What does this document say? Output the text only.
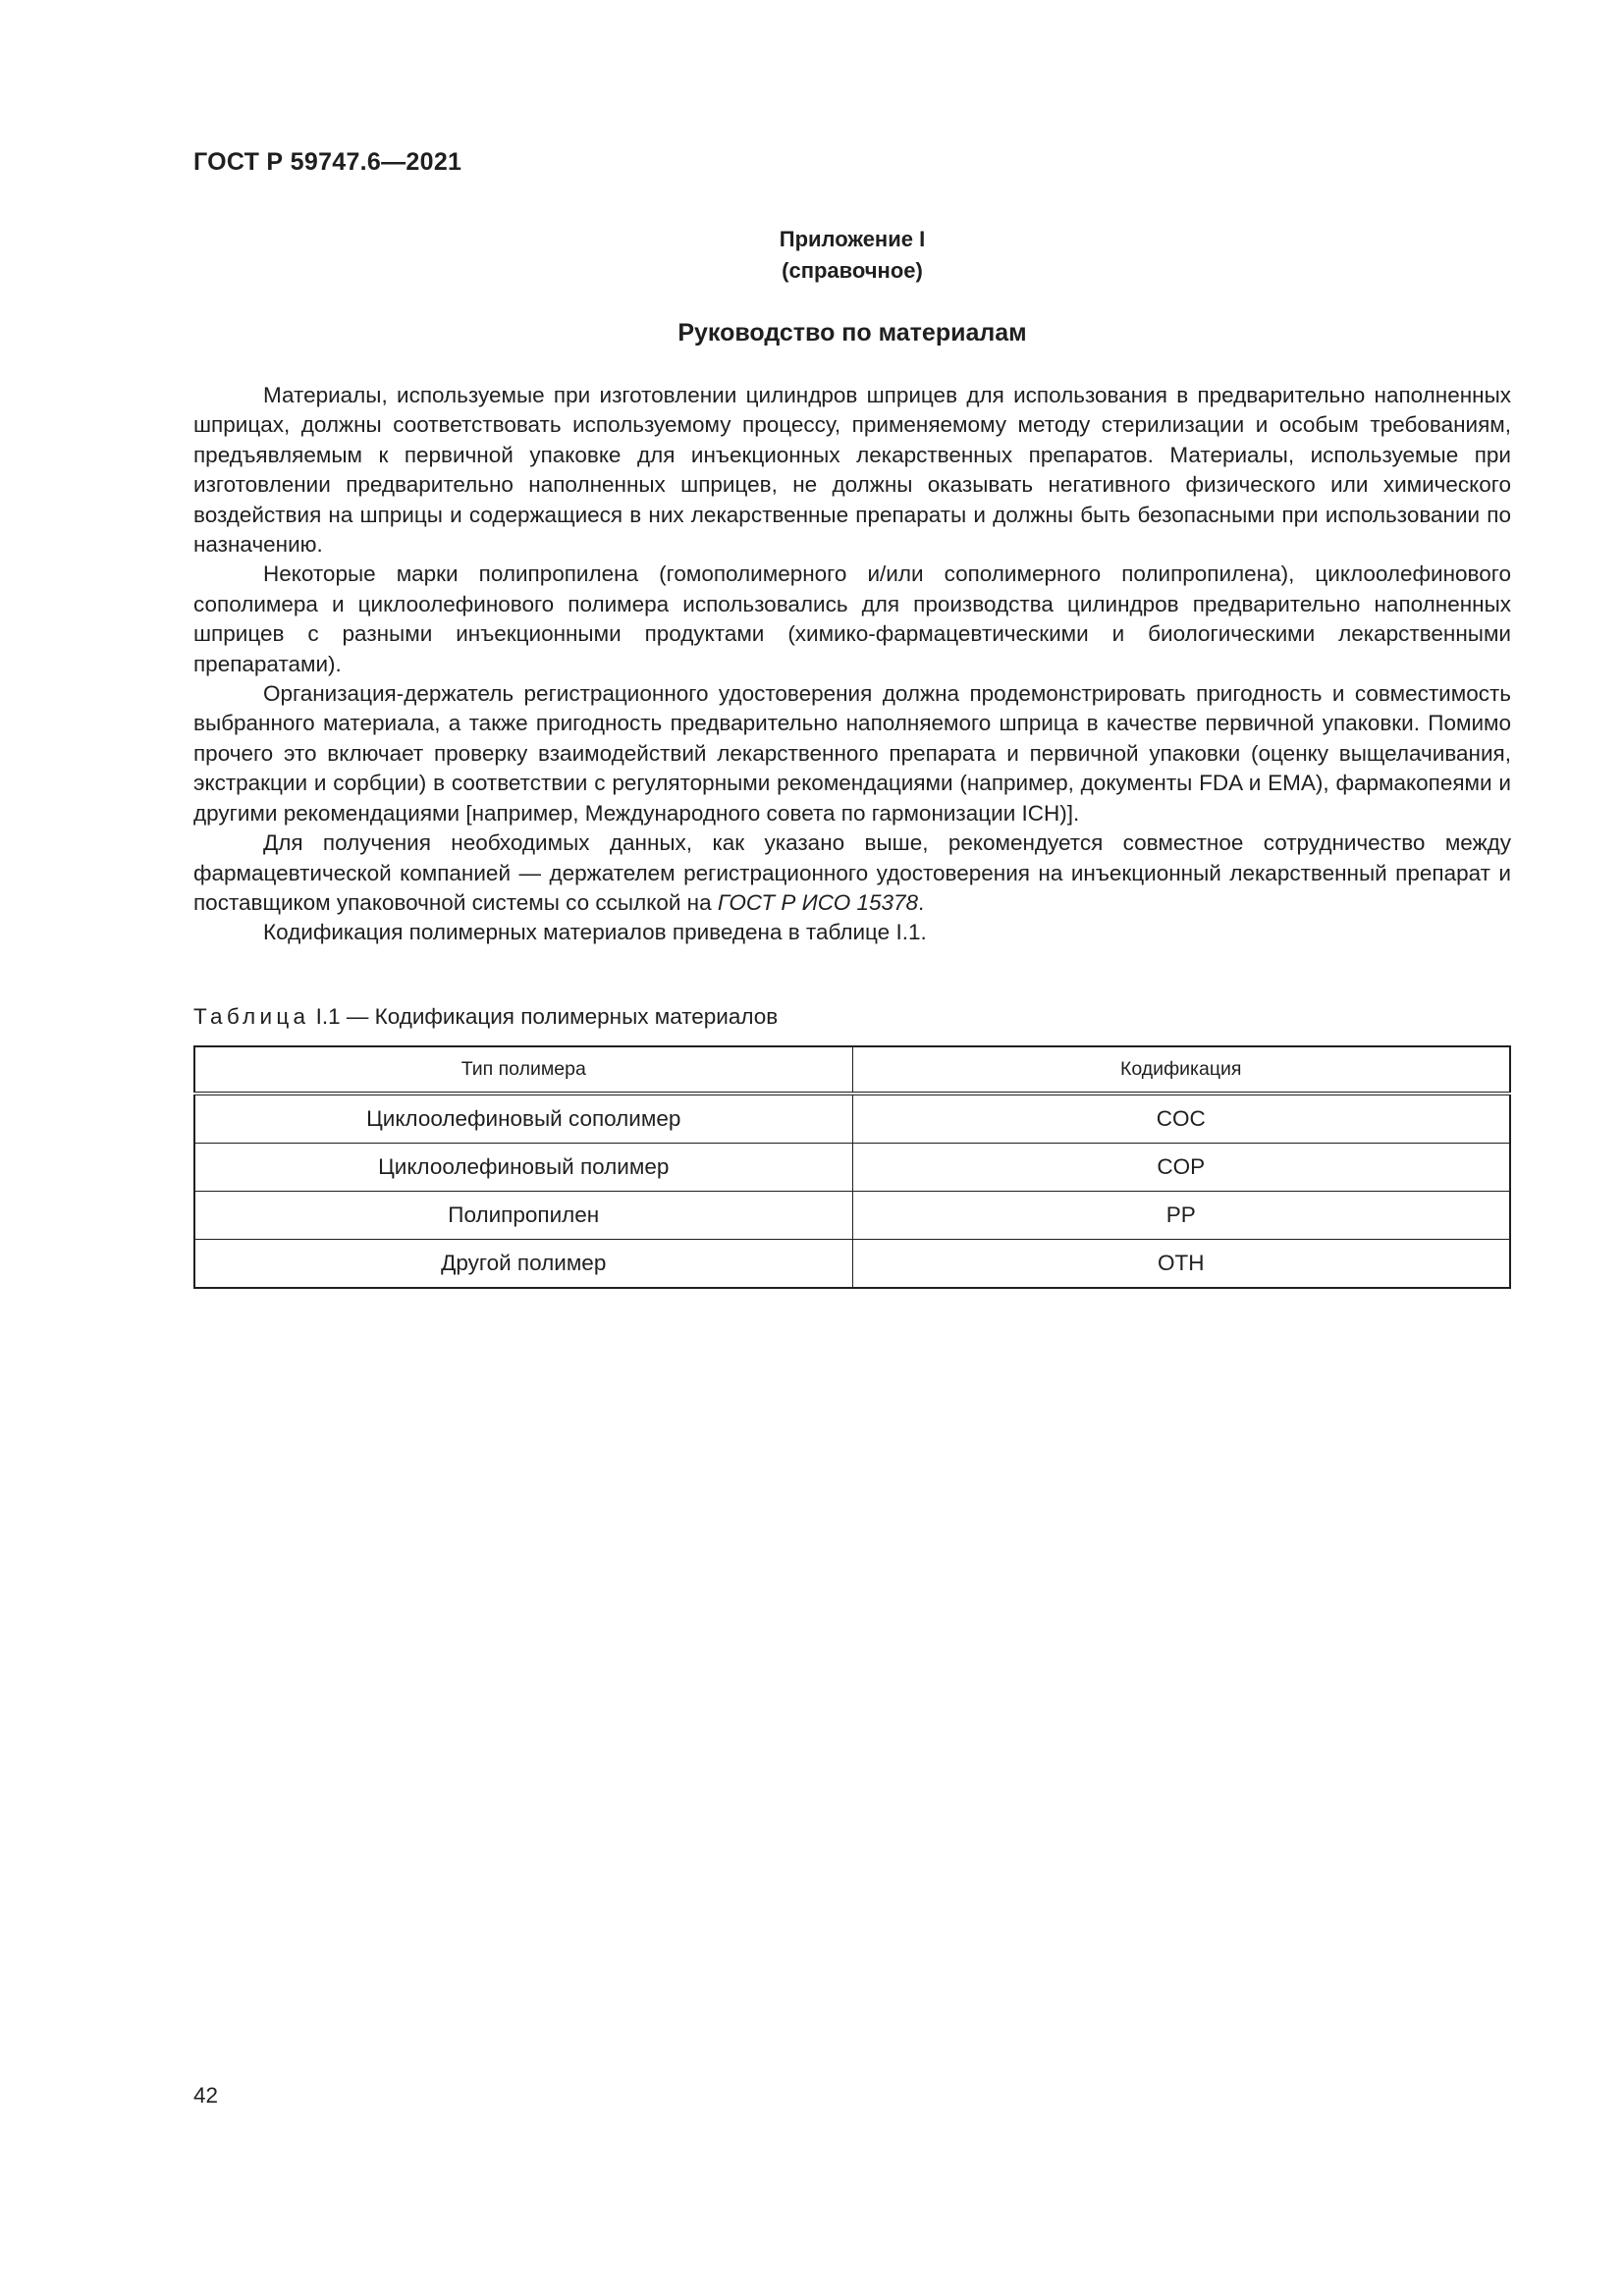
ГОСТ Р 59747.6—2021
Приложение I
(справочное)
Руководство по материалам

Материалы, используемые при изготовлении цилиндров шприцев для использования в предварительно наполненных шприцах, должны соответствовать используемому процессу, применяемому методу стерилизации и особым требованиям, предъявляемым к первичной упаковке для инъекционных лекарственных препаратов. Материалы, используемые при изготовлении предварительно наполненных шприцев, не должны оказывать негативного физического или химического воздействия на шприцы и содержащиеся в них лекарственные препараты и должны быть безопасными при использовании по назначению.

Некоторые марки полипропилена (гомополимерного и/или сополимерного полипропилена), циклоолефинового сополимера и циклоолефинового полимера использовались для производства цилиндров предварительно наполненных шприцев с разными инъекционными продуктами (химико-фармацевтическими и биологическими лекарственными препаратами).

Организация-держатель регистрационного удостоверения должна продемонстрировать пригодность и совместимость выбранного материала, а также пригодность предварительно наполняемого шприца в качестве первичной упаковки. Помимо прочего это включает проверку взаимодействий лекарственного препарата и первичной упаковки (оценку выщелачивания, экстракции и сорбции) в соответствии с регуляторными рекомендациями (например, документы FDA и EMA), фармакопеями и другими рекомендациями [например, Международного совета по гармонизации ICH)].

Для получения необходимых данных, как указано выше, рекомендуется совместное сотрудничество между фармацевтической компанией — держателем регистрационного удостоверения на инъекционный лекарственный препарат и поставщиком упаковочной системы со ссылкой на ГОСТ Р ИСО 15378.

Кодификация полимерных материалов приведена в таблице I.1.

Таблица I.1 — Кодификация полимерных материалов
Тип полимера	Кодификация
Циклоолефиновый сополимер	COC
Циклоолефиновый полимер	COP
Полипропилен	PP
Другой полимер	OTH
42
